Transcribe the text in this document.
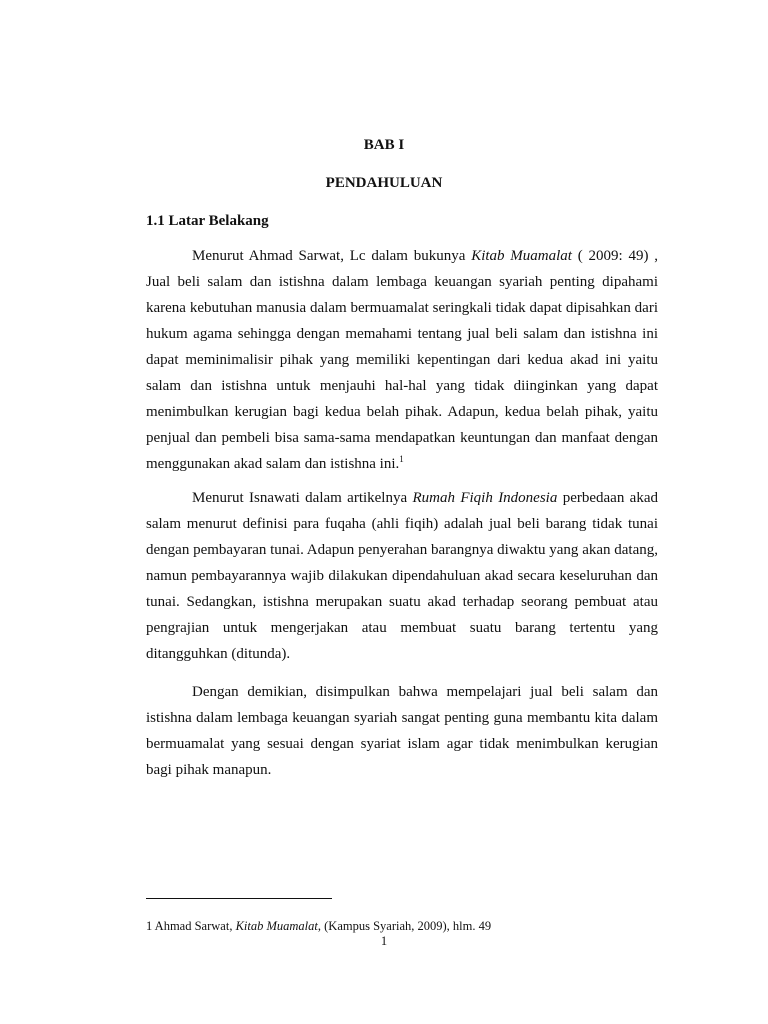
BAB I
PENDAHULUAN
1.1 Latar Belakang

Menurut Ahmad Sarwat, Lc dalam bukunya Kitab Muamalat ( 2009: 49) , Jual beli salam dan istishna dalam lembaga keuangan syariah penting dipahami karena kebutuhan manusia dalam bermuamalat seringkali tidak dapat dipisahkan dari hukum agama sehingga dengan memahami tentang jual beli salam dan istishna ini dapat meminimalisir pihak yang memiliki kepentingan dari kedua akad ini yaitu salam dan istishna untuk menjauhi hal-hal yang tidak diinginkan yang dapat menimbulkan kerugian bagi kedua belah pihak. Adapun, kedua belah pihak, yaitu penjual dan pembeli bisa sama-sama mendapatkan keuntungan dan manfaat dengan menggunakan akad salam dan istishna ini.$^1$

Menurut Isnawati dalam artikelnya Rumah Fiqih Indonesia perbedaan akad salam menurut definisi para fuqaha (ahli fiqih) adalah jual beli barang tidak tunai dengan pembayaran tunai. Adapun penyerahan barangnya diwaktu yang akan datang, namun pembayarannya wajib dilakukan dipendahuluan akad secara keseluruhan dan tunai. Sedangkan, istishna merupakan suatu akad terhadap seorang pembuat atau pengrajian untuk mengerjakan atau membuat suatu barang tertentu yang ditangguhkan (ditunda).

Dengan demikian, disimpulkan bahwa mempelajari jual beli salam dan istishna dalam lembaga keuangan syariah sangat penting guna membantu kita dalam bermuamalat yang sesuai dengan syariat islam agar tidak menimbulkan kerugian bagi pihak manapun.

1 Ahmad Sarwat, Kitab Muamalat, (Kampus Syariah, 2009), hlm. 49
1
